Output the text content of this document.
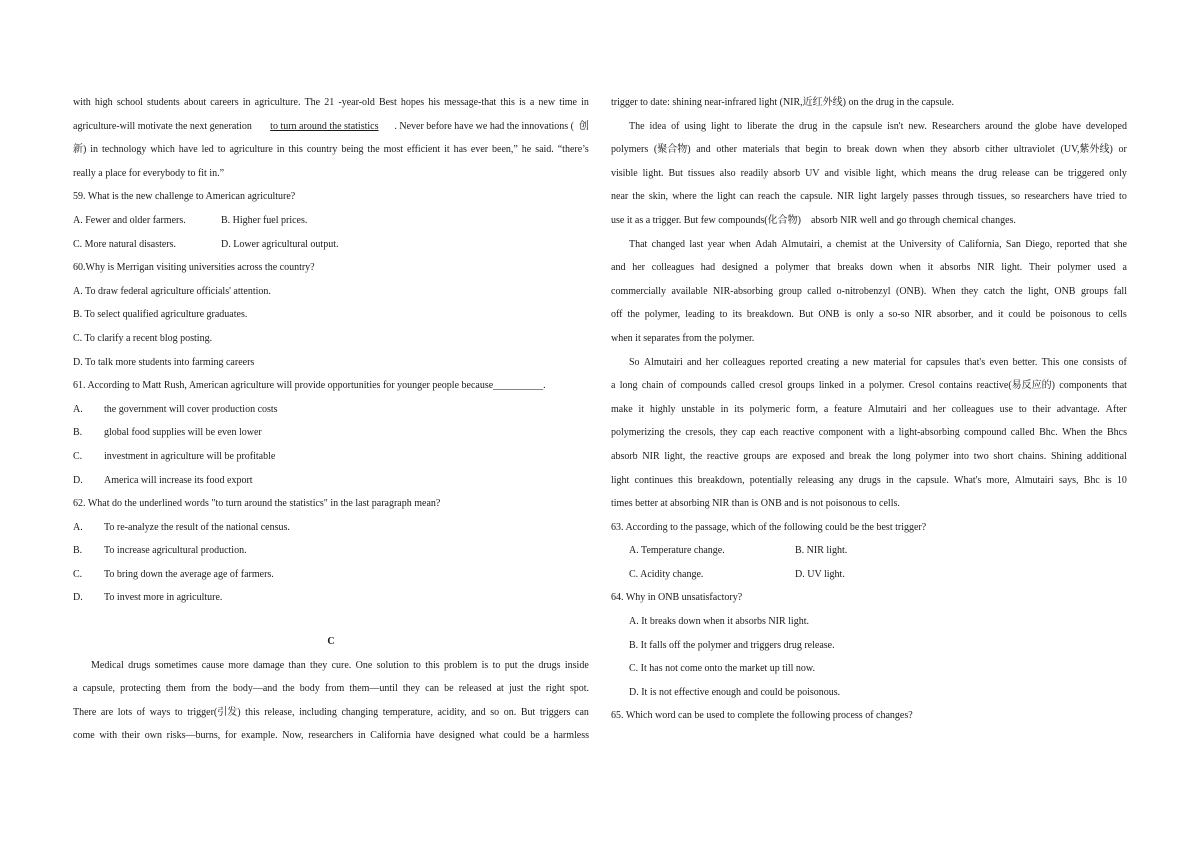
with high school students about careers in agriculture. The 21 -year-old Best hopes his message-that this is a new time in
agriculture-will motivate the next generation to turn around the statistics . Never before have we had the innovations (  创
新) in technology which have led to agriculture in this country being the most efficient it has ever been,” he said. “there’s
really a place for everybody to fit in.”
59. What is the new challenge to American agriculture?
A. Fewer and older farmers.	B. Higher fuel prices.
C. More natural disasters.	D. Lower agricultural output.
60.Why is Merrigan visiting universities across the country?
A. To draw federal agriculture officials' attention.
B. To select qualified agriculture graduates.
C. To clarify a recent blog posting.
D. To talk more students into farming careers
61. According to Matt Rush, American agriculture will provide opportunities for younger people because__________.
A. the government will cover production costs
B. global food supplies will be even lower
C. investment in agriculture will be profitable
D. America will increase its food export
62. What do the underlined words "to turn around the statistics" in the last paragraph mean?
A. To re-analyze the result of the national census.
B. To increase agricultural production.
C. To bring down the average age of farmers.
D. To invest more in agriculture.
C
Medical drugs sometimes cause more damage than they cure. One solution to this problem is to put the drugs inside
a capsule, protecting them from the body—and the body from them—until they can be released at just the right spot.
There are lots of ways to trigger(引发) this release, including changing temperature, acidity, and so on. But triggers can
come with their own risks—burns, for example. Now, researchers in California have designed what could be a harmless
trigger to date: shining near-infrared light (NIR,近红外线) on the drug in the capsule.
The idea of using light to liberate the drug in the capsule isn't new. Researchers around the globe have developed
polymers (聚合物) and other materials that begin to break down when they absorb cither ultraviolet (UV,紫外线) or
visible light. But tissues also readily absorb UV and visible light, which means the drug release can be triggered only
near the skin, where the light can reach the capsule. NIR light largely passes through tissues, so researchers have tried to
use it as a trigger. But few compounds(化合物)    absorb NIR well and go through chemical changes.
That changed last year when Adah Almutairi, a chemist at the University of California, San Diego, reported that she
and her colleagues had designed a polymer that breaks down when it absorbs NIR light. Their polymer used a
commercially available NIR-absorbing group called o-nitrobenzyl (ONB). When they catch the light, ONB groups fall
off the polymer, leading to its breakdown. But ONB is only a so-so NIR absorber, and it could be poisonous to cells
when it separates from the polymer.
So Almutairi and her colleagues reported creating a new material for capsules that's even better. This one consists of
a long chain of compounds called cresol groups linked in a polymer. Cresol contains reactive(易反应的) components that
make it highly unstable in its polymeric form, a feature Almutairi and her colleagues use to their advantage. After
polymerizing the cresols, they cap each reactive component with a light-absorbing compound called Bhc. When the Bhcs
absorb NIR light, the reactive groups are exposed and break the long polymer into two short chains. Shining additional
light continues this breakdown, potentially releasing any drugs in the capsule. What's more, Almutairi says, Bhc is 10
times better at absorbing NIR than is ONB and is not poisonous to cells.
63. According to the passage, which of the following could be the best trigger?
A. Temperature change.	B. NIR light.
C. Acidity change.	D. UV light.
64. Why in ONB unsatisfactory?
A. It breaks down when it absorbs NIR light.
B. It falls off the polymer and triggers drug release.
C. It has not come onto the market up till now.
D. It is not effective enough and could be poisonous.
65. Which word can be used to complete the following process of changes?
